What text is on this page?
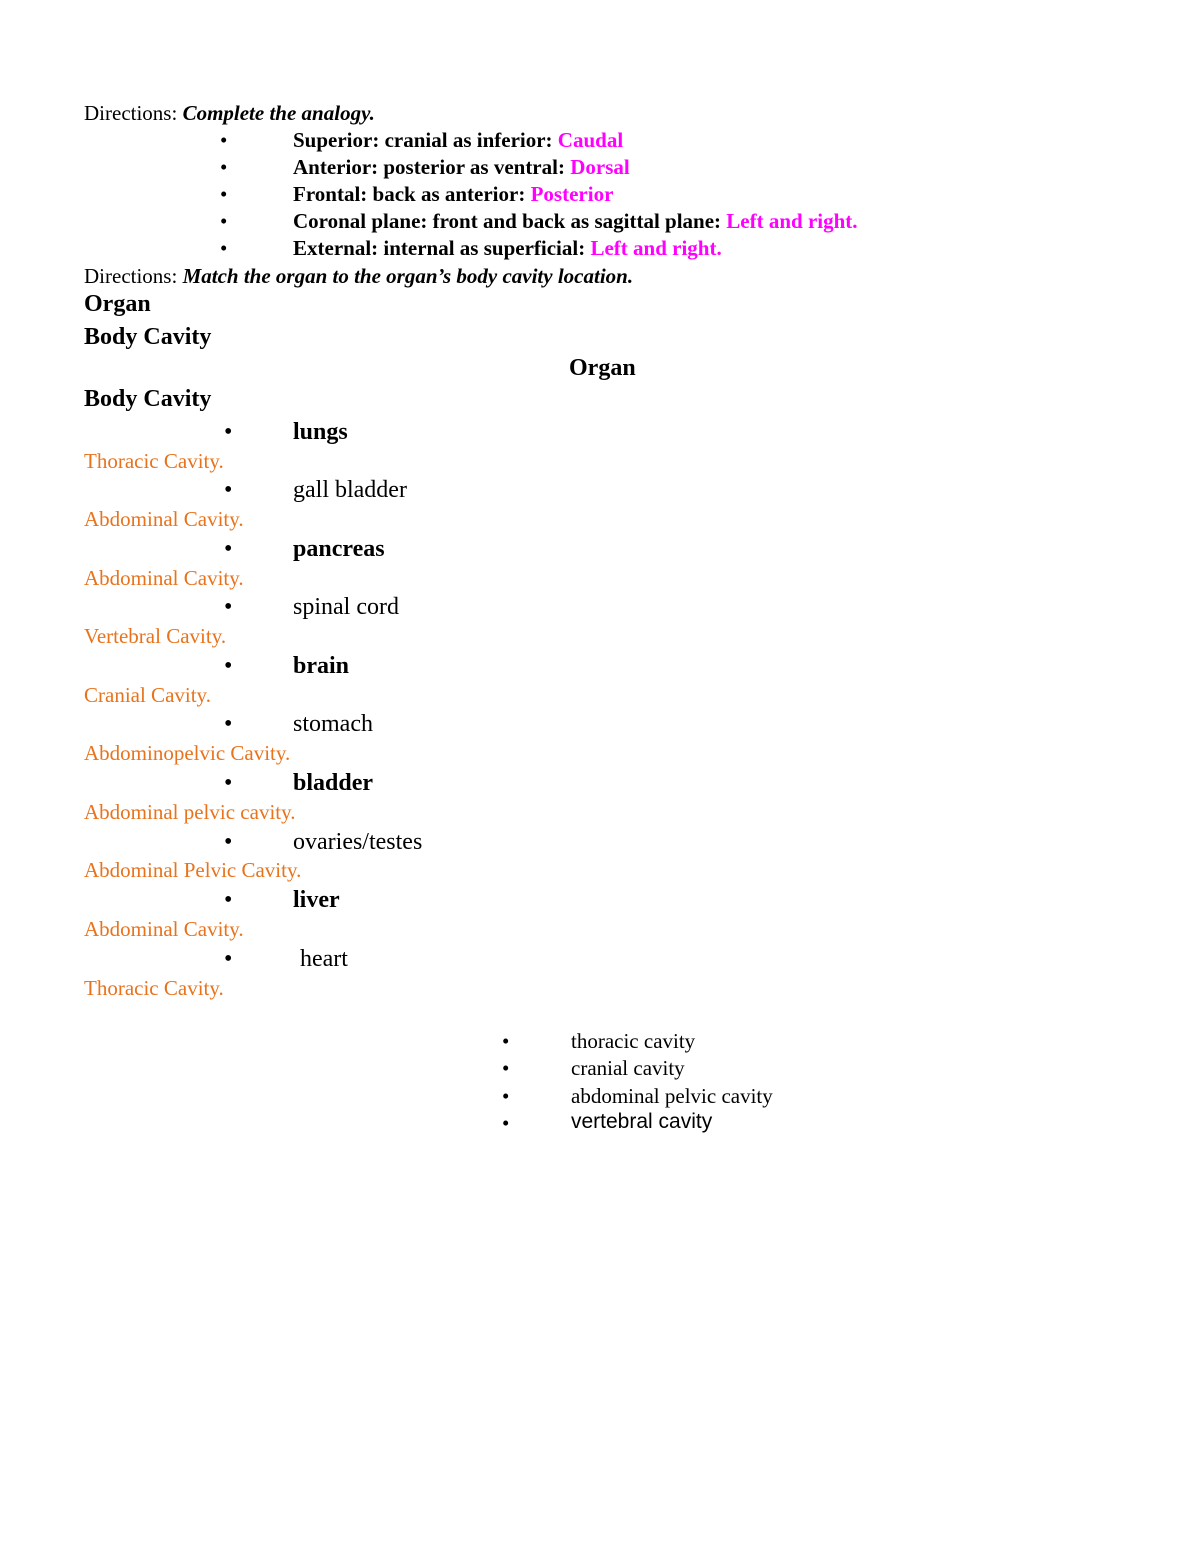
Directions: Complete the analogy.
•	Superior: cranial as inferior: Caudal
•	Anterior: posterior as ventral: Dorsal
•	Frontal: back as anterior: Posterior
•	Coronal plane: front and back as sagittal plane: Left and right.
•	External: internal as superficial: Left and right.
Directions: Match the organ to the organ’s body cavity location.
Organ
Body Cavity
Organ
Body Cavity
•	lungs
Thoracic Cavity.
•	gall bladder
Abdominal Cavity.
•	pancreas
Abdominal Cavity.
•	spinal cord
Vertebral Cavity.
•	brain
Cranial Cavity.
•	stomach
Abdominopelvic Cavity.
•	bladder
Abdominal pelvic cavity.
•	ovaries/testes
Abdominal Pelvic Cavity.
•	liver
Abdominal Cavity.
•	heart
Thoracic Cavity.
•	thoracic cavity
•	cranial cavity
•	abdominal pelvic cavity
•	vertebral cavity
